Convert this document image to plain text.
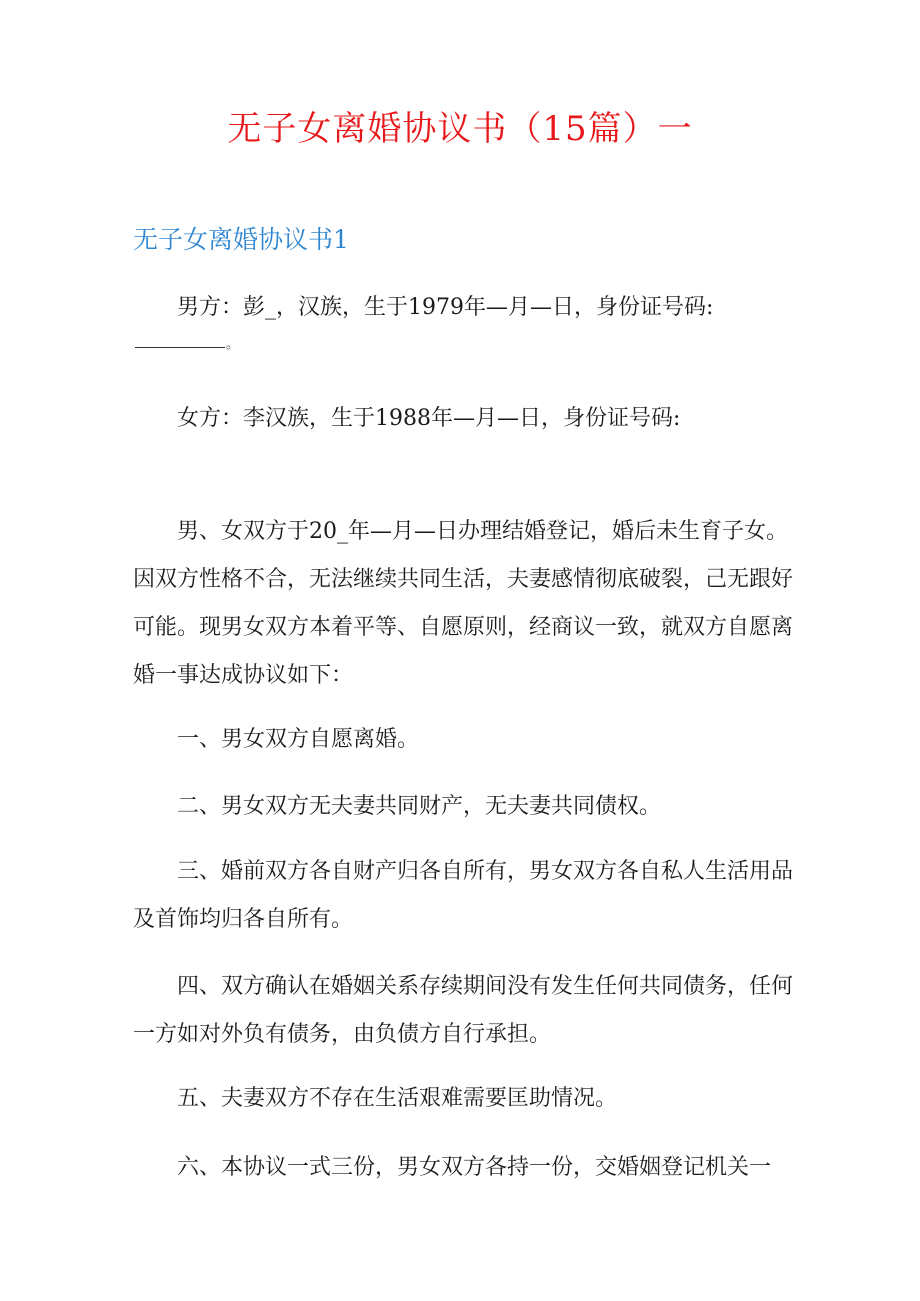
无子女离婚协议书（15篇）一
无子女离婚协议书1

男方：彭_，汉族，生于1979年—月—日，身份证号码:

。

女方：李汉族，生于1988年—月—日，身份证号码:

男、女双方于20_年—月—日办理结婚登记，婚后未生育子女。因双方性格不合，无法继续共同生活，夫妻感情彻底破裂，己无跟好可能。现男女双方本着平等、自愿原则，经商议一致，就双方自愿离婚一事达成协议如下：

一、男女双方自愿离婚。

二、男女双方无夫妻共同财产，无夫妻共同债权。

三、婚前双方各自财产归各自所有，男女双方各自私人生活用品及首饰均归各自所有。

四、双方确认在婚姻关系存续期间没有发生任何共同债务，任何一方如对外负有债务，由负债方自行承担。

五、夫妻双方不存在生活艰难需要匡助情况。

六、本协议一式三份，男女双方各持一份，交婚姻登记机关一
